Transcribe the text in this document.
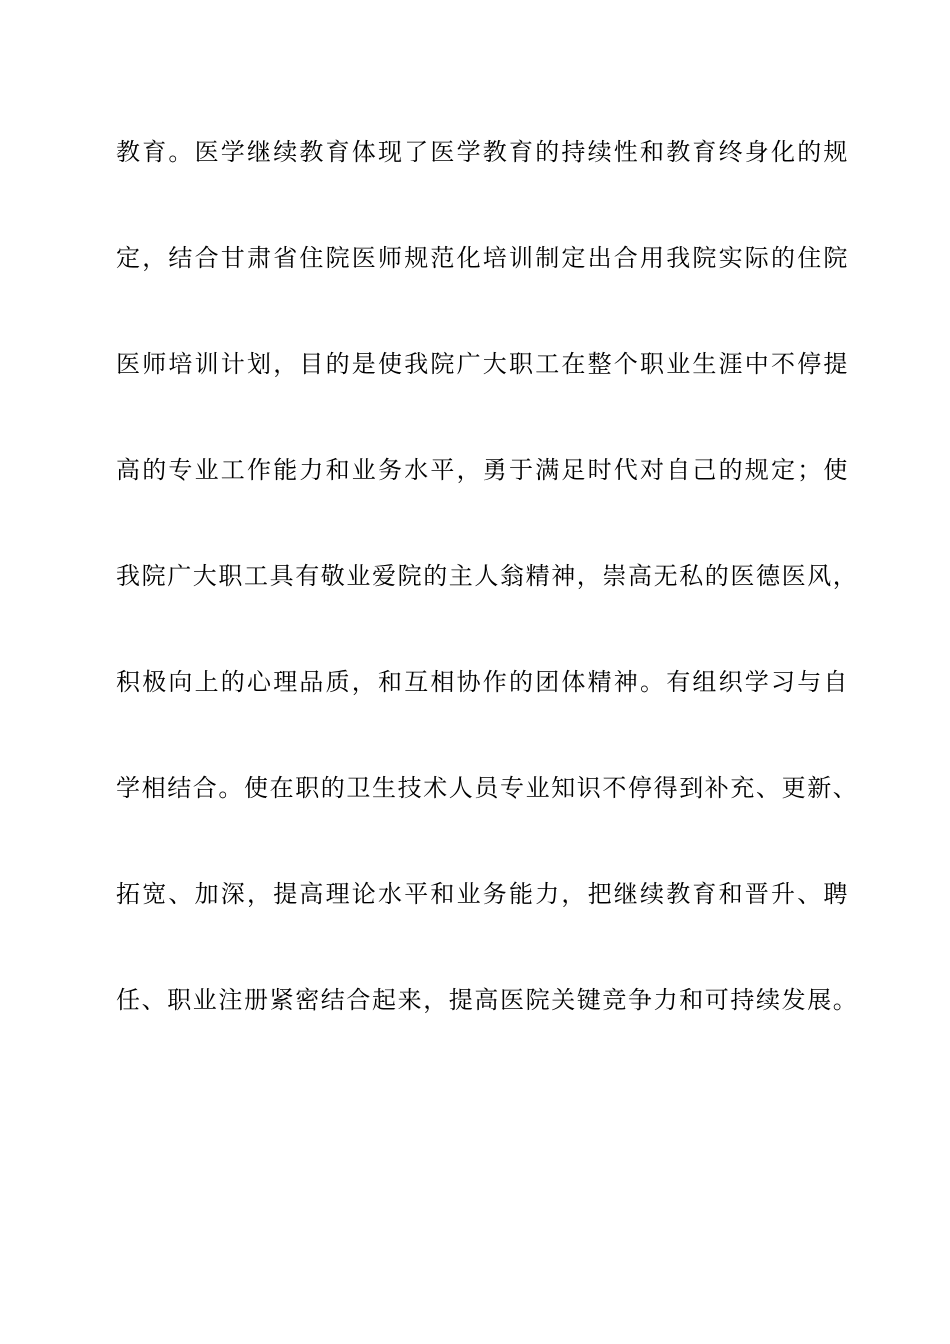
教育。医学继续教育体现了医学教育的持续性和教育终身化的规
定，结合甘肃省住院医师规范化培训制定出合用我院实际的住院
医师培训计划，目的是使我院广大职工在整个职业生涯中不停提
高的专业工作能力和业务水平，勇于满足时代对自己的规定；使
我院广大职工具有敬业爱院的主人翁精神，崇高无私的医德医风，
积极向上的心理品质，和互相协作的团体精神。有组织学习与自
学相结合。使在职的卫生技术人员专业知识不停得到补充、更新、
拓宽、加深，提高理论水平和业务能力，把继续教育和晋升、聘
任、职业注册紧密结合起来，提高医院关键竞争力和可持续发展。
